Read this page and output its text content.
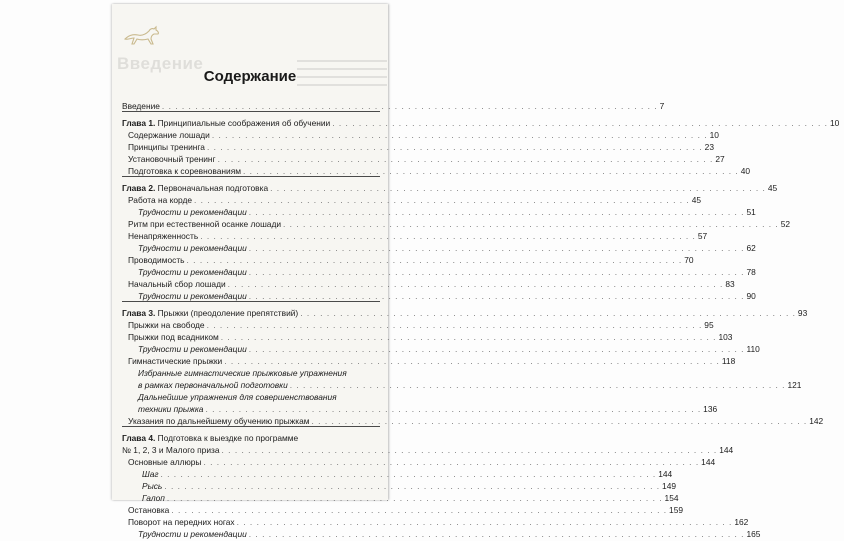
Введение
Содержание
Введение . . .	7
Глава 1. Принципиальные соображения об обучении . . .	10
Содержание лошади . . .	10
Принципы тренинга . . .	23
Установочный тренинг . . .	27
Подготовка к соревнованиям . . .	40
Глава 2. Первоначальная подготовка . . .	45
Работа на корде . . .	45
Трудности и рекомендации . . .	51
Ритм при естественной осанке лошади . . .	52
Ненапряженность . . .	57
Трудности и рекомендации . . .	62
Проводимость . . .	70
Трудности и рекомендации . . .	78
Начальный сбор лошади . . .	83
Трудности и рекомендации . . .	90
Глава 3. Прыжки (преодоление препятствий) . . .	93
Прыжки на свободе . . .	95
Прыжки под всадником . . .	103
Трудности и рекомендации . . .	110
Гимнастические прыжки . . .	118
Избранные гимнастические прыжковые упражнения
в рамках первоначальной подготовки . . .	121
Дальнейшие упражнения для совершенствования
техники прыжка . . .	136
Указания по дальнейшему обучению прыжкам . . .	142
Глава 4. Подготовка к выездке по программе
№ 1, 2, 3 и Малого приза . . .	144
Основные аллюры . . .	144
Шаг . . .	144
Рысь . . .	149
Галоп . . .	154
Остановка . . .	159
Поворот на передних ногах . . .	162
Трудности и рекомендации . . .	165
